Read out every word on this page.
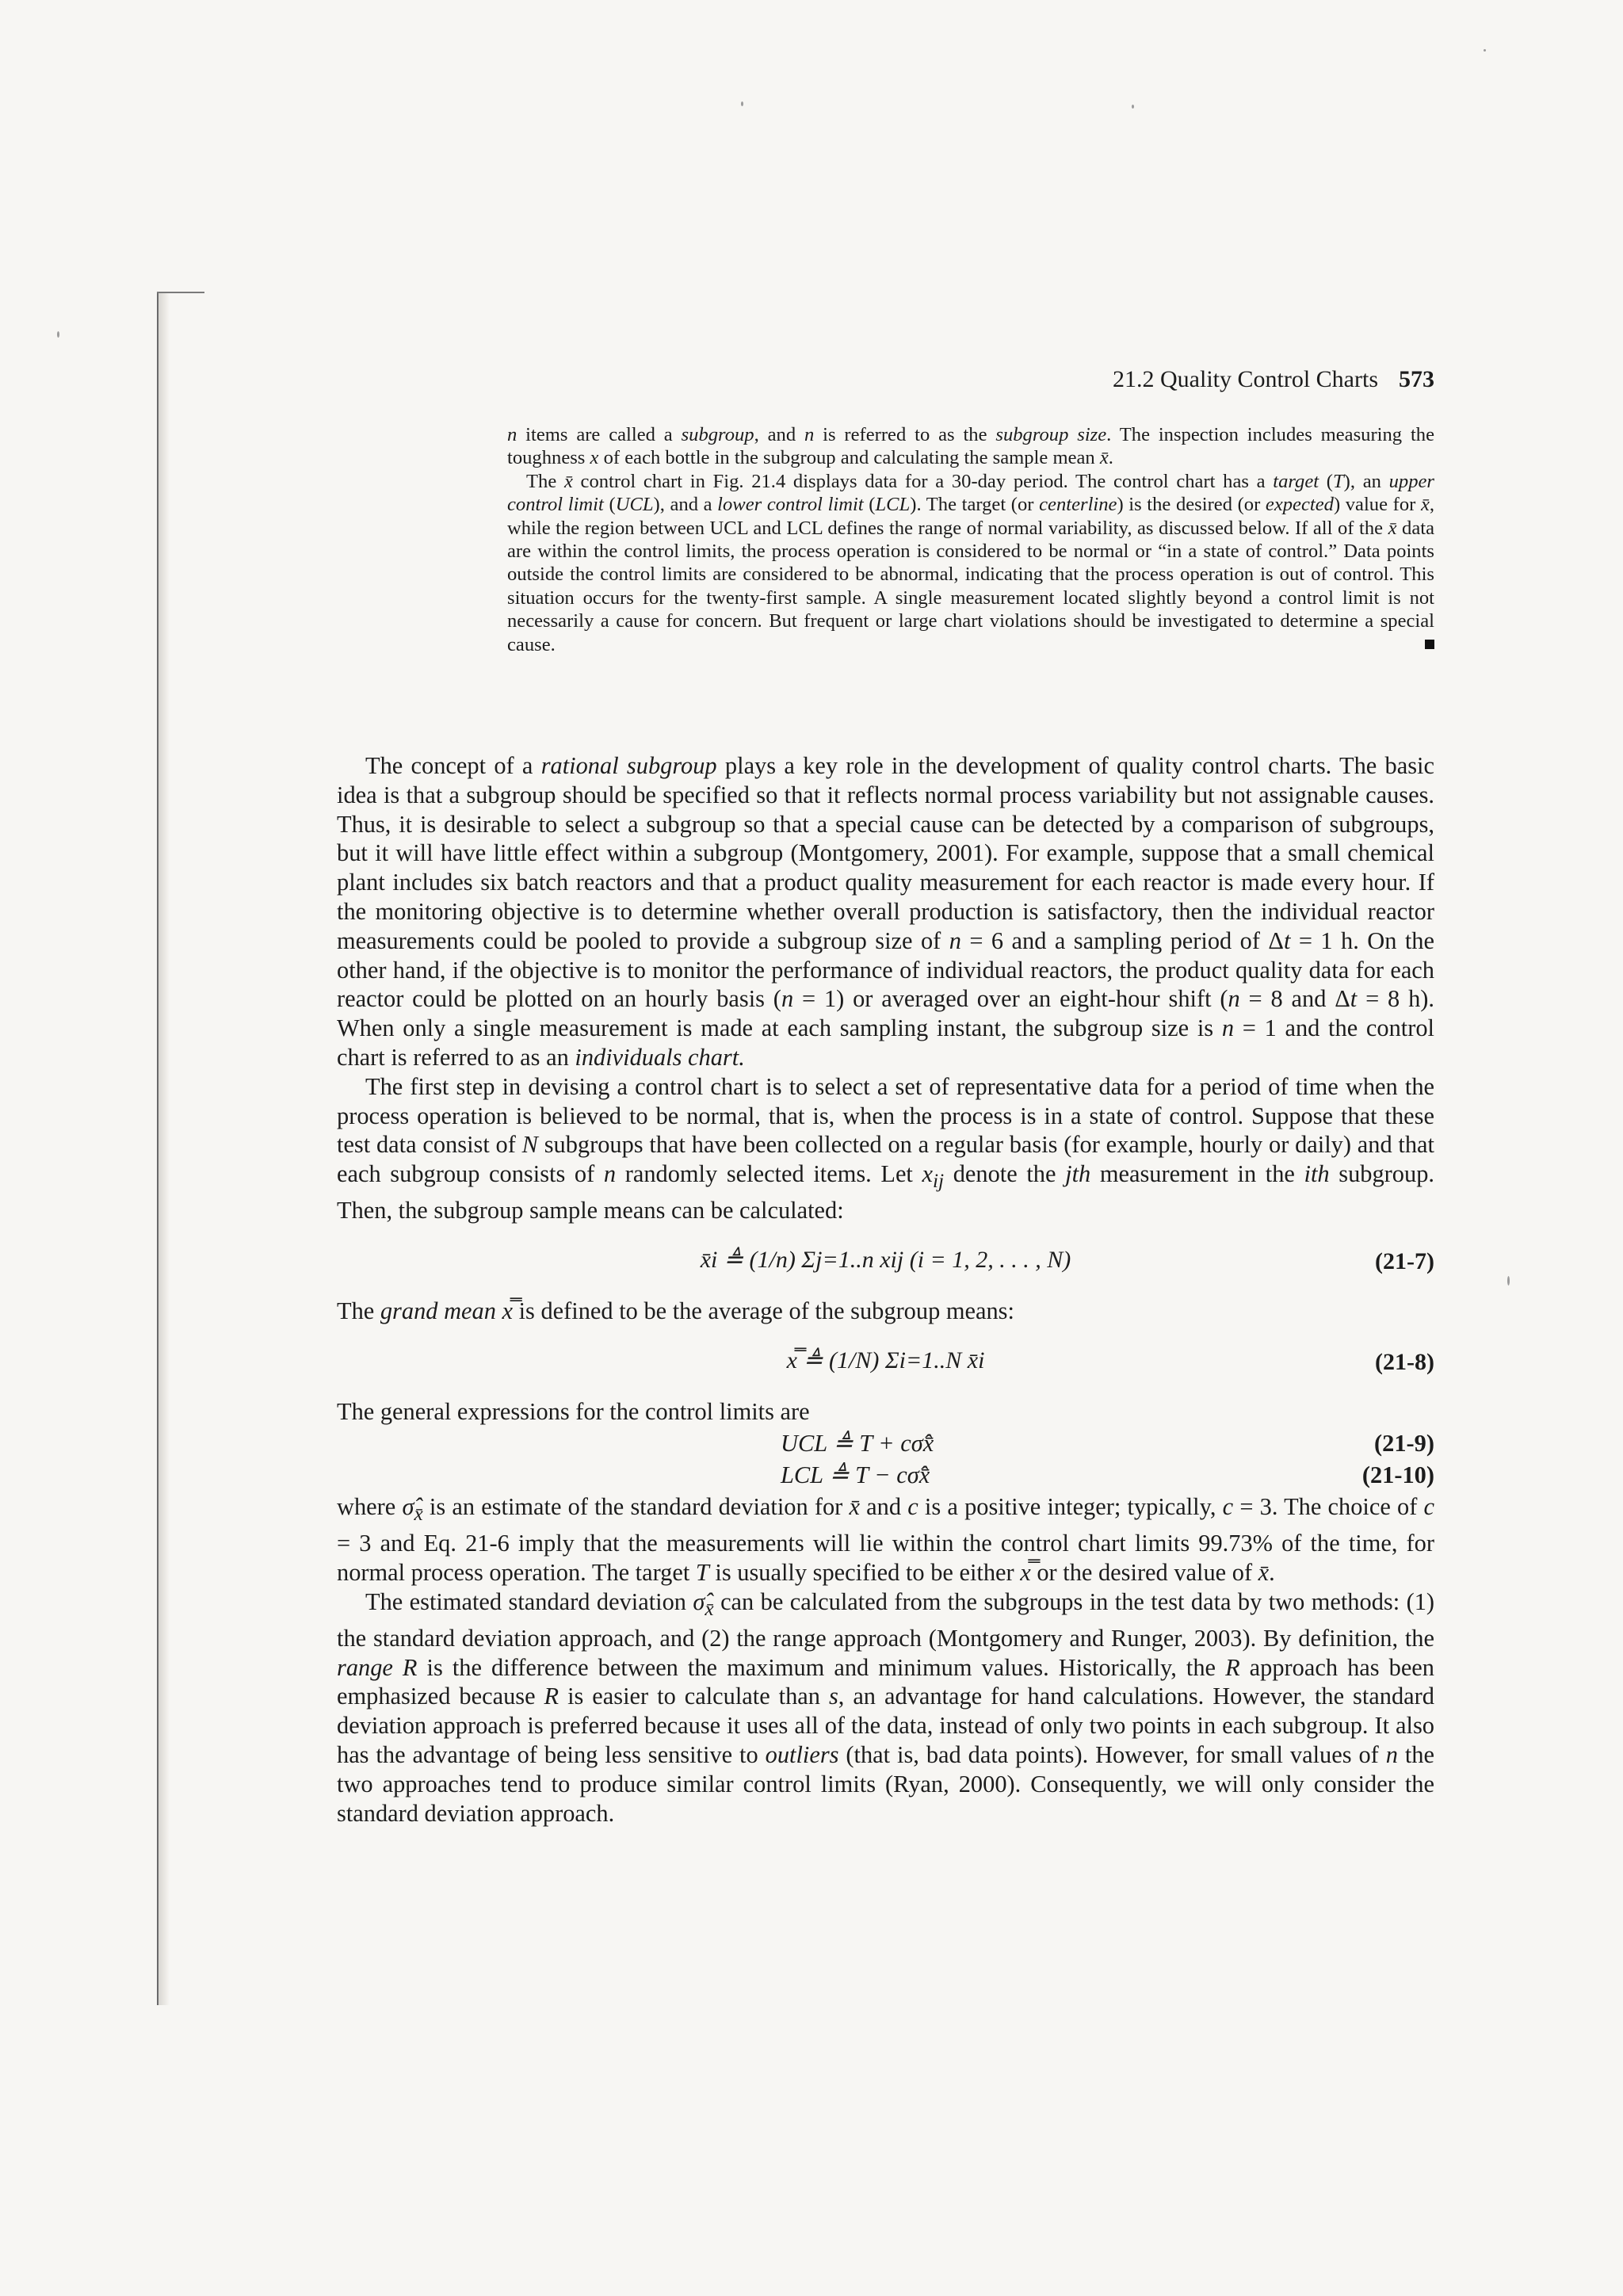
21.2 Quality Control Charts 573

n items are called a subgroup, and n is referred to as the subgroup size. The inspection includes measuring the toughness x of each bottle in the subgroup and calculating the sample mean x̄.

The x̄ control chart in Fig. 21.4 displays data for a 30-day period. The control chart has a target (T), an upper control limit (UCL), and a lower control limit (LCL). The target (or centerline) is the desired (or expected) value for x̄, while the region between UCL and LCL defines the range of normal variability, as discussed below. If all of the x̄ data are within the control limits, the process operation is considered to be normal or “in a state of control.” Data points outside the control limits are considered to be abnormal, indicating that the process operation is out of control. This situation occurs for the twenty-first sample. A single measurement located slightly beyond a control limit is not necessarily a cause for concern. But frequent or large chart violations should be investigated to determine a special cause.

The concept of a rational subgroup plays a key role in the development of quality control charts. The basic idea is that a subgroup should be specified so that it reflects normal process variability but not assignable causes. Thus, it is desirable to select a subgroup so that a special cause can be detected by a comparison of subgroups, but it will have little effect within a subgroup (Montgomery, 2001). For example, suppose that a small chemical plant includes six batch reactors and that a product quality measurement for each reactor is made every hour. If the monitoring objective is to determine whether overall production is satisfactory, then the individual reactor measurements could be pooled to provide a subgroup size of n = 6 and a sampling period of Δt = 1 h. On the other hand, if the objective is to monitor the performance of individual reactors, the product quality data for each reactor could be plotted on an hourly basis (n = 1) or averaged over an eight-hour shift (n = 8 and Δt = 8 h). When only a single measurement is made at each sampling instant, the subgroup size is n = 1 and the control chart is referred to as an individuals chart.

The first step in devising a control chart is to select a set of representative data for a period of time when the process operation is believed to be normal, that is, when the process is in a state of control. Suppose that these test data consist of N subgroups that have been collected on a regular basis (for example, hourly or daily) and that each subgroup consists of n randomly selected items. Let $x_{ij}$ denote the jth measurement in the ith subgroup. Then, the subgroup sample means can be calculated:

x̄i ≜ (1/n) Σj=1..n xij (i = 1, 2, . . . , N)	(21-7)

The grand mean x̿ is defined to be the average of the subgroup means:

x̿ ≜ (1/N) Σi=1..N x̄i	(21-8)

The general expressions for the control limits are

UCL ≜ T + cσ̂x̄	(21-9)
LCL ≜ T − cσ̂x̄	(21-10)

where $\sigmâ_{x̄}$ is an estimate of the standard deviation for x̄ and c is a positive integer; typically, c = 3. The choice of c = 3 and Eq. 21-6 imply that the measurements will lie within the control chart limits 99.73% of the time, for normal process operation. The target T is usually specified to be either x̿ or the desired value of x̄.

The estimated standard deviation $\sigmâ_{x̄}$ can be calculated from the subgroups in the test data by two methods: (1) the standard deviation approach, and (2) the range approach (Montgomery and Runger, 2003). By definition, the range R is the difference between the maximum and minimum values. Historically, the R approach has been emphasized because R is easier to calculate than s, an advantage for hand calculations. However, the standard deviation approach is preferred because it uses all of the data, instead of only two points in each subgroup. It also has the advantage of being less sensitive to outliers (that is, bad data points). However, for small values of n the two approaches tend to produce similar control limits (Ryan, 2000). Consequently, we will only consider the standard deviation approach.
